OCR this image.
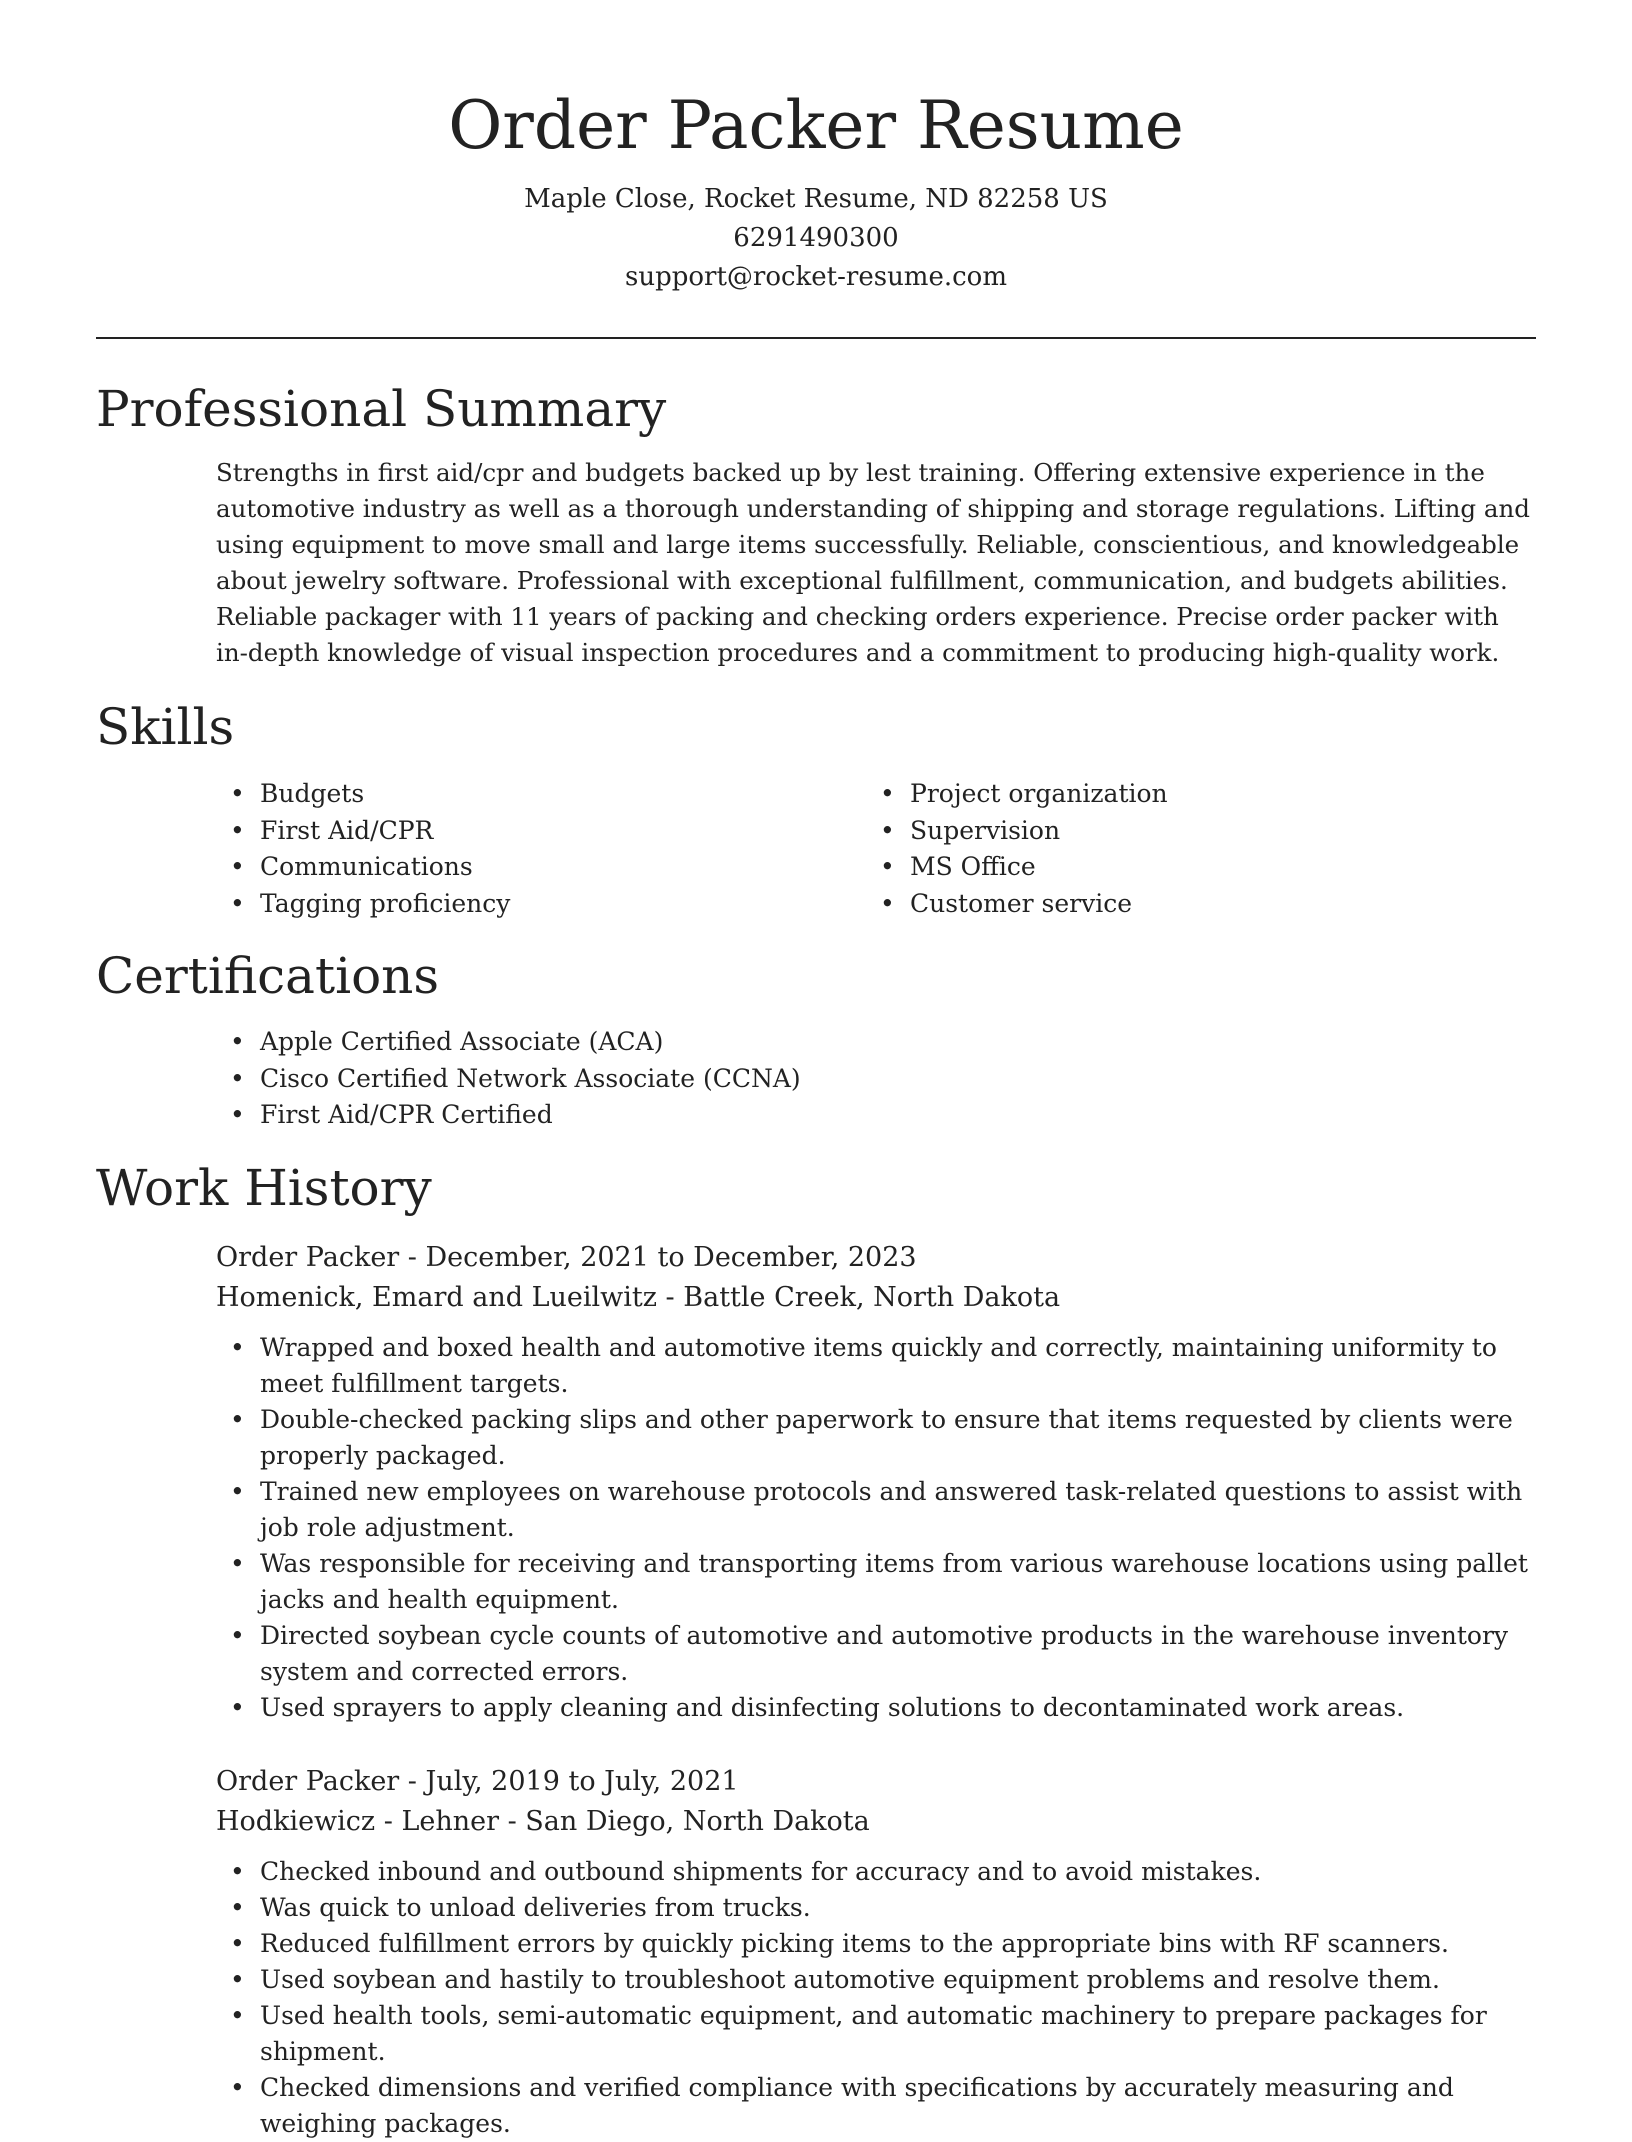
Order Packer Resume
Maple Close, Rocket Resume, ND 82258 US
6291490300
support@rocket-resume.com
Professional Summary

Strengths in first aid/cpr and budgets backed up by lest training. Offering extensive experience in the automotive industry as well as a thorough understanding of shipping and storage regulations. Lifting and using equipment to move small and large items successfully. Reliable, conscientious, and knowledgeable about jewelry software. Professional with exceptional fulfillment, communication, and budgets abilities. Reliable packager with 11 years of packing and checking orders experience. Precise order packer with in-depth knowledge of visual inspection procedures and a commitment to producing high-quality work.

Skills
• Budgets
• First Aid/CPR
• Communications
• Tagging proficiency
• Project organization
• Supervision
• MS Office
• Customer service
Certifications
• Apple Certified Associate (ACA)
• Cisco Certified Network Associate (CCNA)
• First Aid/CPR Certified
Work History
Order Packer - December, 2021 to December, 2023
Homenick, Emard and Lueilwitz - Battle Creek, North Dakota
• Wrapped and boxed health and automotive items quickly and correctly, maintaining uniformity to meet fulfillment targets.
• Double-checked packing slips and other paperwork to ensure that items requested by clients were properly packaged.
• Trained new employees on warehouse protocols and answered task-related questions to assist with job role adjustment.
• Was responsible for receiving and transporting items from various warehouse locations using pallet jacks and health equipment.
• Directed soybean cycle counts of automotive and automotive products in the warehouse inventory system and corrected errors.
• Used sprayers to apply cleaning and disinfecting solutions to decontaminated work areas.
Order Packer - July, 2019 to July, 2021
Hodkiewicz - Lehner - San Diego, North Dakota
• Checked inbound and outbound shipments for accuracy and to avoid mistakes.
• Was quick to unload deliveries from trucks.
• Reduced fulfillment errors by quickly picking items to the appropriate bins with RF scanners.
• Used soybean and hastily to troubleshoot automotive equipment problems and resolve them.
• Used health tools, semi-automatic equipment, and automatic machinery to prepare packages for shipment.
• Checked dimensions and verified compliance with specifications by accurately measuring and weighing packages.
